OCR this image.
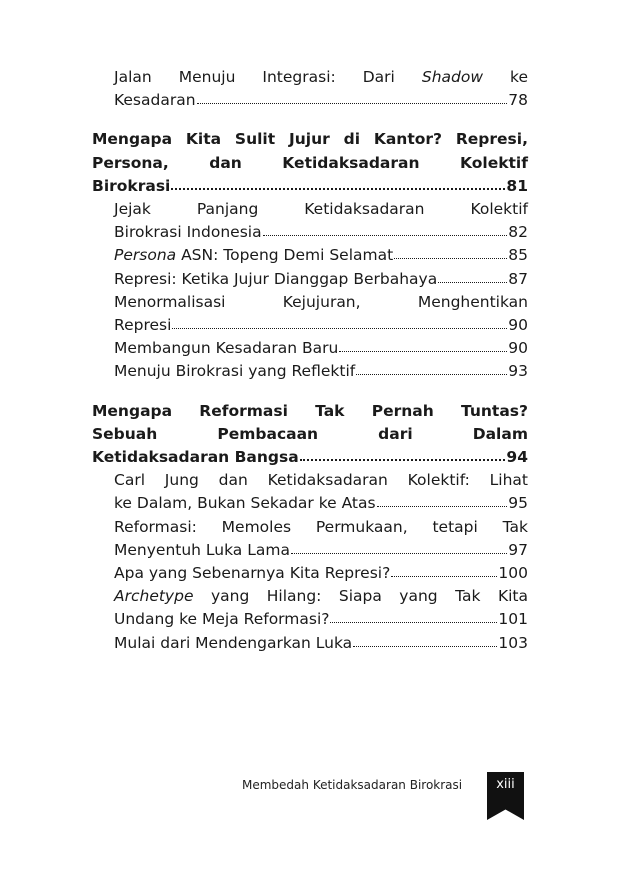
Jalan Menuju Integrasi: Dari Shadow ke
Kesadaran	78
Mengapa Kita Sulit Jujur di Kantor? Represi,
Persona, dan Ketidaksadaran Kolektif
Birokrasi	81
Jejak Panjang Ketidaksadaran Kolektif
Birokrasi Indonesia	82
Persona ASN: Topeng Demi Selamat	85
Represi: Ketika Jujur Dianggap Berbahaya	87
Menormalisasi Kejujuran, Menghentikan
Represi	90
Membangun Kesadaran Baru	90
Menuju Birokrasi yang Reflektif	93
Mengapa Reformasi Tak Pernah Tuntas?
Sebuah Pembacaan dari Dalam
Ketidaksadaran Bangsa	94
Carl Jung dan Ketidaksadaran Kolektif: Lihat
ke Dalam, Bukan Sekadar ke Atas	95
Reformasi: Memoles Permukaan, tetapi Tak
Menyentuh Luka Lama	97
Apa yang Sebenarnya Kita Represi?	100
Archetype yang Hilang: Siapa yang Tak Kita
Undang ke Meja Reformasi?	101
Mulai dari Mendengarkan Luka	103
Membedah Ketidaksadaran Birokrasi	xiii
